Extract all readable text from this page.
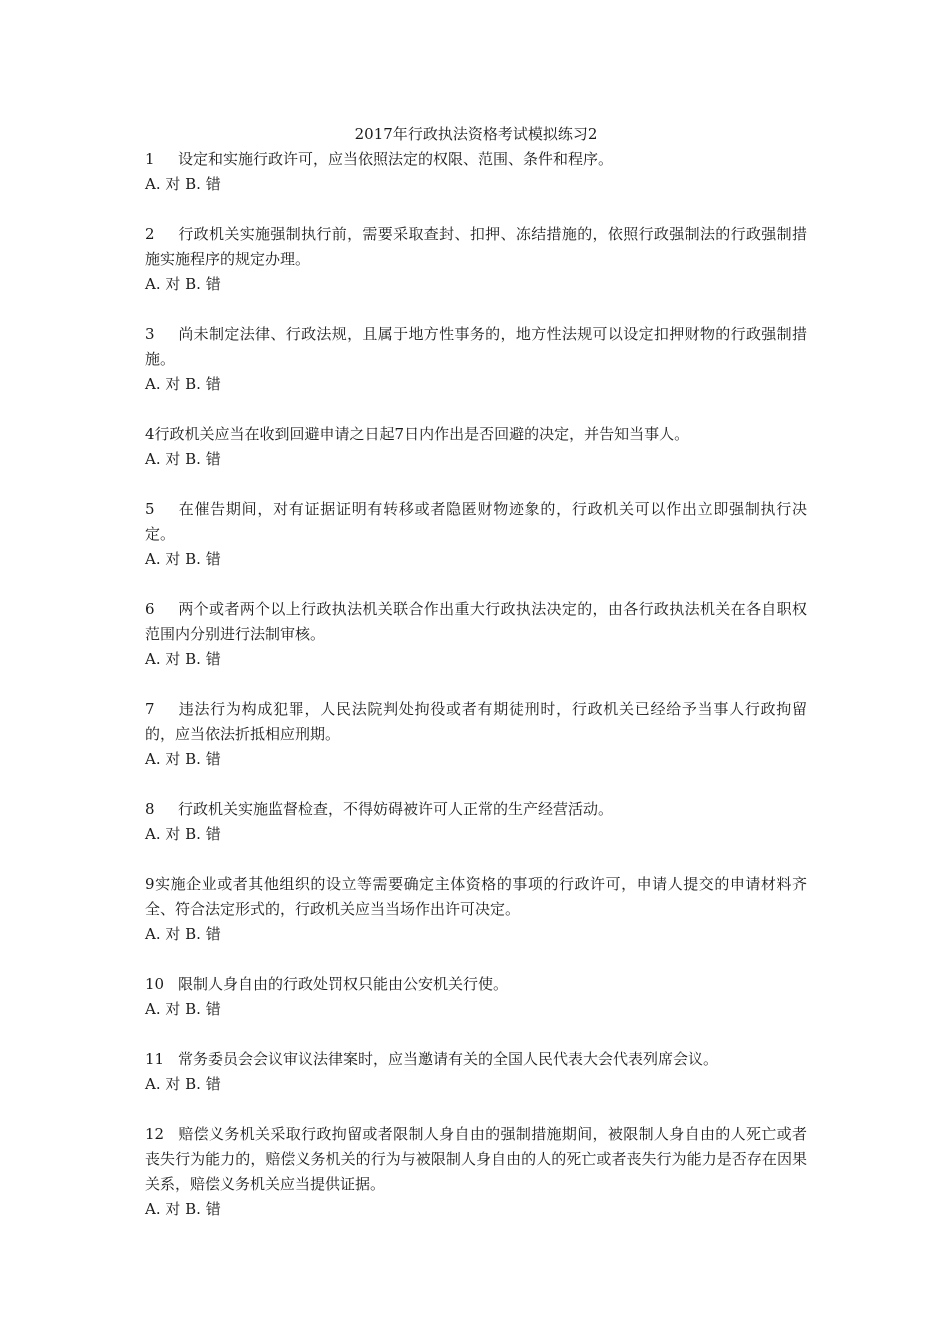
2017年行政执法资格考试模拟练习2

1 设定和实施行政许可，应当依照法定的权限、范围、条件和程序。

A. 对 B. 错

2 行政机关实施强制执行前，需要采取查封、扣押、冻结措施的，依照行政强制法的行政强制措施实施程序的规定办理。

A. 对 B. 错

3 尚未制定法律、行政法规，且属于地方性事务的，地方性法规可以设定扣押财物的行政强制措施。

A. 对 B. 错

4行政机关应当在收到回避申请之日起7日内作出是否回避的决定，并告知当事人。

A. 对 B. 错

5 在催告期间，对有证据证明有转移或者隐匿财物迹象的，行政机关可以作出立即强制执行决定。

A. 对 B. 错

6 两个或者两个以上行政执法机关联合作出重大行政执法决定的，由各行政执法机关在各自职权范围内分别进行法制审核。

A. 对 B. 错

7 违法行为构成犯罪，人民法院判处拘役或者有期徒刑时，行政机关已经给予当事人行政拘留的，应当依法折抵相应刑期。

A. 对 B. 错

8 行政机关实施监督检查，不得妨碍被许可人正常的生产经营活动。

A. 对 B. 错

9实施企业或者其他组织的设立等需要确定主体资格的事项的行政许可，申请人提交的申请材料齐全、符合法定形式的，行政机关应当当场作出许可决定。

A. 对 B. 错

10 限制人身自由的行政处罚权只能由公安机关行使。

A. 对 B. 错

11 常务委员会会议审议法律案时，应当邀请有关的全国人民代表大会代表列席会议。

A. 对 B. 错

12 赔偿义务机关采取行政拘留或者限制人身自由的强制措施期间，被限制人身自由的人死亡或者丧失行为能力的，赔偿义务机关的行为与被限制人身自由的人的死亡或者丧失行为能力是否存在因果关系，赔偿义务机关应当提供证据。

A. 对 B. 错
